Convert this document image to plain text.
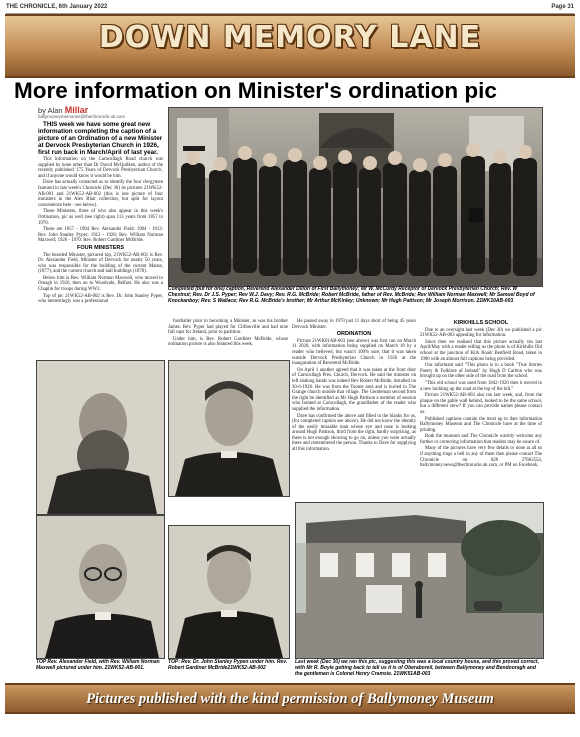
THE CHRONICLE, 6th January 2022	Page 31
DOWN MEMORY LANE
More information on Minister's ordination pic
by Alan Millar
ballymoneymemories@thechronicle.uk.com

THIS week we have some great new information completing the caption of a picture of an Ordination of a new Minister at Dervock Presbyterian Church in 1926, first run back in March/April of last year.

This information on the Carncullagh Road church was supplied by none other than Dr David McQuilken, author of the recently published '175 Years of Dervock Presbyterian Church', and if anyone would know it would be him.

Dave has actually contacted us to identify the four clergymen featured in last week's Chronicle (Dec 30) its pictures 21WK52-AB-001 and 21WK52-AB-002 (this is one picture of four ministers in the Alex Blair collection, but split for layout convenience here - see below).

These Ministers, three of who also appear in this week's Ordination, pic as well (see right) span 113 years from 1857 to 1970.

These are 1857 - 1904 Rev. Alexander Field; 1904 - 1912: Rev. John Stanley Pyper; 1912 - 1926: Rev. William Norman Maxwell; 1926 - 1970: Rev. Robert Gardiner McBride.

FOUR MINISTERS

The bearded Minister, pictured top, 21WK52-AB-001 is Rev. Dr. Alexander Field, Minister of Dervock for nearly 50 years, who was responsible for the building of the current Manse, (1877), and the current church and hall buildings (1878).

Below him is Rev. William Norman Maxwell, who moved to Omagh in 1926, then on to Woodvale, Belfast. He also was a Chaplin for troops during WW2.

Top of pic 21WK52-AB-002 is Rev. Dr. John Stanley Pyper, who interestingly was a professional

Completed (but for one) caption, Reverend Alexander Dillon of First Ballymoney; Mr W. McCurdy Receptor of Dervock Presbyterian Church; Rev. W Chestnut; Rev. Dr J.S. Pyper; Rev W.J. Davy; Rev. R.G. McBride; Robert McBride, father of Rev. McBride; Rev William Norman Maxwell; Mr Samuel Boyd of Knockanboy; Rev. S Wallace; Rev R.G. McBride's brother; Mr Arthur McKinley; Unknown; Mr Hugh Pattison; Mr Joseph Morrison. 21WK10AB-003

footballer prior to becoming a Minister, as was his brother James. Rev. Pyper had played for Cliftonville and had nine full caps for Ireland, prior to partition.

Under him, is Rev. Robert Gardiner McBride, whose ordination picture is also featured this week.

He passed away in 1970 just 11 days short of being 45 years Dervock Minister.

ORDINATION

Picture 21WK01AB-003 (see above) was first run on March 11 2020, with information being supplied on March 18 by a reader who believed, but wasn't 100% sure, that it was taken outside Dervock Presbyterian Church in 1926 at the inauguration of Reverend McBride.

On April 1 another agreed that it was taken at the front door of Carncullagh Pres. Church, Dervock. He said the minister on left shaking hands was indeed Rev Robert McBride, installed on 30-6-1926. He was from the Toome area and is buried in The Grange church outside that village. The Gentleman second from the right he identified as Mr Hugh Pattison a member of session who farmed at Carncullagh, the grandfather of the reader who supplied the information.

Dave has confirmed the above and filled in the blanks for us, (for completed caption see above). He did not know the identity of the easily missable man whose eye and nose is looking around Hugh Pattison, third from the right, hardly surprising, as there is not enough showing to go on, unless you were actually there and remembered the person. Thanks to Dave for supplying all this information.

KIRKHILLS SCHOOL

Due to an oversight last week (Dec 30) we published a pic 21WK52-AB-003 appealing for information.

Since then we realised that this picture actually ran last April/May with a reader telling us the photo is of Kirkhills Old school at the junction of Kirk Road/ Benfield Road, taken in 1906 with an almost full captions being provided.

Our informant said "This photo is in a book "True Stories Poetry & Folklore of Ireland" by Hugh D Carlton who was brought up on the other side of the road from the school.

"This old school was used from 1842-1920 then it moved to a new building up the road at the top of the hill."

Picture 21WK52-AB-003 also ran last week, and, from the plaque on the gable wall behind, looked to be the same school, but a different view? If you can provide names please contact us.

Published captions contain the most up to date information Ballymoney Museum and The Chronicle have at the time of printing.

Both the museum and The Chronicle warmly welcome any further or correcting information that readers may be aware of.

Many of the pictures have very few details or none at all so if anything rings a bell in any of them then please contact The Chronicle on 028 27662554, ballymoney.news@thechronicle.uk.com, or PM on Facebook.

TOP Rev. Alexander Field, with Rev. William Norman Maxwell pictured under him. 21WK52-AB-001.
TOP: Rev. Dr. John Stanley Pypen under him. Rev. Robert Gardiner McBride21WK52-AB-002
Last week (Dec 30) we ran this pic, suggesting this was a local country house, and this proved correct, with Mr R. Boyle getting back to tell us it is of Oberaboreil, between Ballymoney and Bendooragh and the gentleman is Colonel Henry Cramsie. 21WK51AB-003
Pictures published with the kind permission of Ballymoney Museum
